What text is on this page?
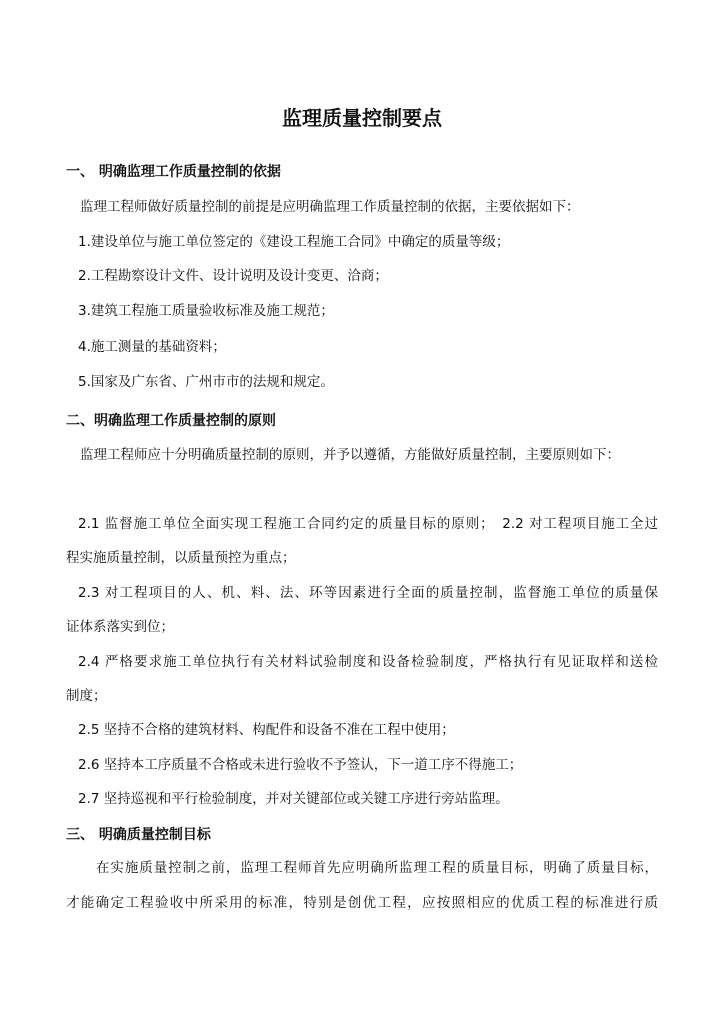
监理质量控制要点
一、 明确监理工作质量控制的依据
监理工程师做好质量控制的前提是应明确监理工作质量控制的依据，主要依据如下：
1.建设单位与施工单位签定的《建设工程施工合同》中确定的质量等级；
2.工程勘察设计文件、设计说明及设计变更、洽商；
3.建筑工程施工质量验收标准及施工规范；
4.施工测量的基础资料；
5.国家及广东省、广州市市的法规和规定。
二、明确监理工作质量控制的原则
监理工程师应十分明确质量控制的原则，并予以遵循，方能做好质量控制，主要原则如下：
2.1 监督施工单位全面实现工程施工合同约定的质量目标的原则；　2.2 对工程项目施工全过
程实施质量控制，以质量预控为重点；
2.3 对工程项目的人、机、料、法、环等因素进行全面的质量控制，监督施工单位的质量保
证体系落实到位；
2.4 严格要求施工单位执行有关材料试验制度和设备检验制度，严格执行有见证取样和送检
制度；
2.5 坚持不合格的建筑材料、构配件和设备不准在工程中使用；
2.6 坚持本工序质量不合格或未进行验收不予签认，下一道工序不得施工；
2.7 坚持巡视和平行检验制度，并对关键部位或关键工序进行旁站监理。
三、 明确质量控制目标
在实施质量控制之前，监理工程师首先应明确所监理工程的质量目标，明确了质量目标，
才能确定工程验收中所采用的标准，特别是创优工程，应按照相应的优质工程的标准进行质
